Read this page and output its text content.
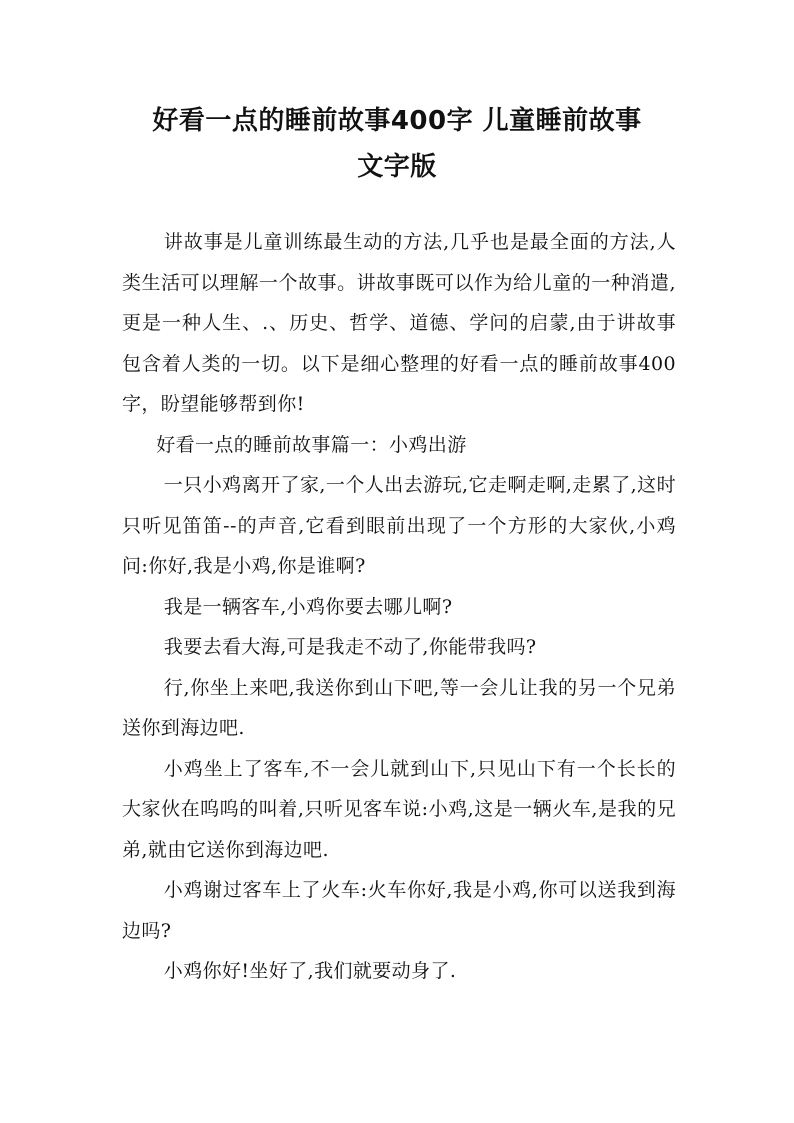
好看一点的睡前故事400字 儿童睡前故事
文字版

讲故事是儿童训练最生动的方法,几乎也是最全面的方法,人类生活可以理解一个故事。讲故事既可以作为给儿童的一种消遣,更是一种人生、.、历史、哲学、道德、学问的启蒙,由于讲故事包含着人类的一切。以下是细心整理的好看一点的睡前故事400字，盼望能够帮到你!

好看一点的睡前故事篇一：小鸡出游

一只小鸡离开了家,一个人出去游玩,它走啊走啊,走累了,这时只听见笛笛--的声音,它看到眼前出现了一个方形的大家伙,小鸡问:你好,我是小鸡,你是谁啊?

我是一辆客车,小鸡你要去哪儿啊?

我要去看大海,可是我走不动了,你能带我吗?

行,你坐上来吧,我送你到山下吧,等一会儿让我的另一个兄弟送你到海边吧.

小鸡坐上了客车,不一会儿就到山下,只见山下有一个长长的大家伙在呜呜的叫着,只听见客车说:小鸡,这是一辆火车,是我的兄弟,就由它送你到海边吧.

小鸡谢过客车上了火车:火车你好,我是小鸡,你可以送我到海边吗?

小鸡你好!坐好了,我们就要动身了.
